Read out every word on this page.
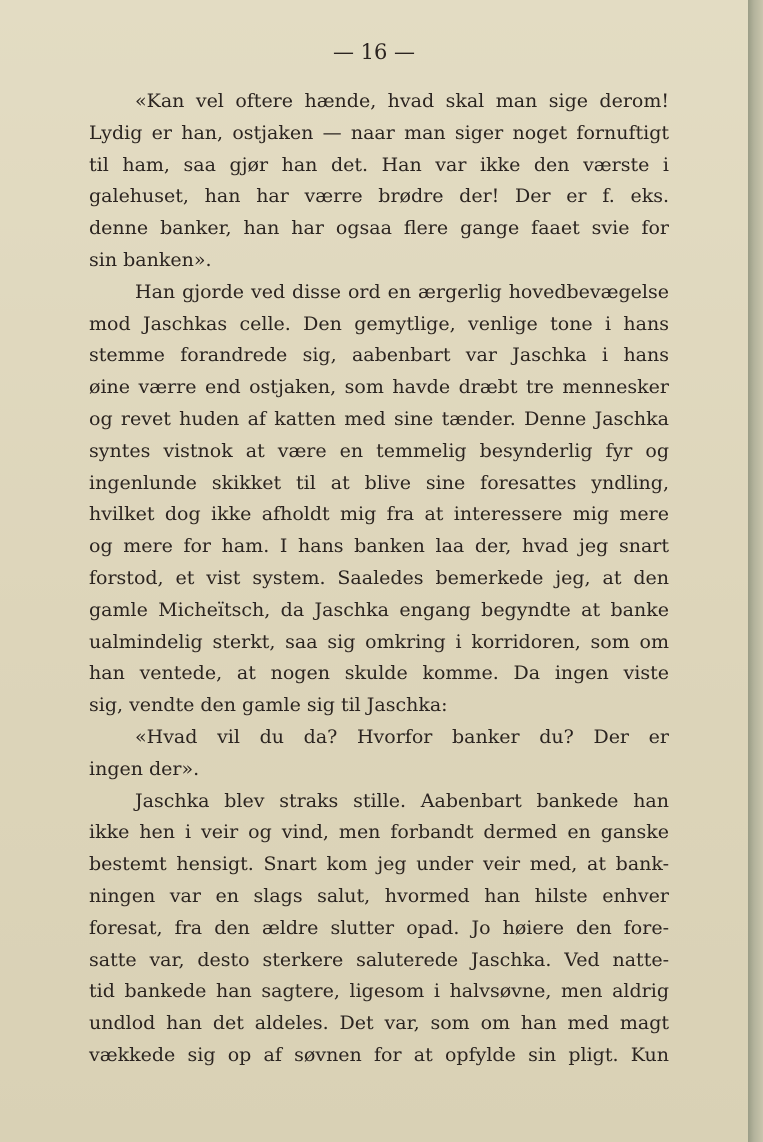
— 16 —
«Kan vel oftere hænde, hvad skal man sige derom!
Lydig er han, ostjaken — naar man siger noget fornuftigt
til ham, saa gjør han det. Han var ikke den værste i
galehuset, han har værre brødre der! Der er f. eks.
denne banker, han har ogsaa flere gange faaet svie for
sin banken».
Han gjorde ved disse ord en ærgerlig hovedbevægelse
mod Jaschkas celle. Den gemytlige, venlige tone i hans
stemme forandrede sig, aabenbart var Jaschka i hans
øine værre end ostjaken, som havde dræbt tre mennesker
og revet huden af katten med sine tænder. Denne Jaschka
syntes vistnok at være en temmelig besynderlig fyr og
ingenlunde skikket til at blive sine foresattes yndling,
hvilket dog ikke afholdt mig fra at interessere mig mere
og mere for ham. I hans banken laa der, hvad jeg snart
forstod, et vist system. Saaledes bemerkede jeg, at den
gamle Micheïtsch, da Jaschka engang begyndte at banke
ualmindelig sterkt, saa sig omkring i korridoren, som om
han ventede, at nogen skulde komme. Da ingen viste
sig, vendte den gamle sig til Jaschka:
«Hvad vil du da? Hvorfor banker du? Der er
ingen der».
Jaschka blev straks stille. Aabenbart bankede han
ikke hen i veir og vind, men forbandt dermed en ganske
bestemt hensigt. Snart kom jeg under veir med, at bank-
ningen var en slags salut, hvormed han hilste enhver
foresat, fra den ældre slutter opad. Jo høiere den fore-
satte var, desto sterkere saluterede Jaschka. Ved natte-
tid bankede han sagtere, ligesom i halvsøvne, men aldrig
undlod han det aldeles. Det var, som om han med magt
vækkede sig op af søvnen for at opfylde sin pligt. Kun
